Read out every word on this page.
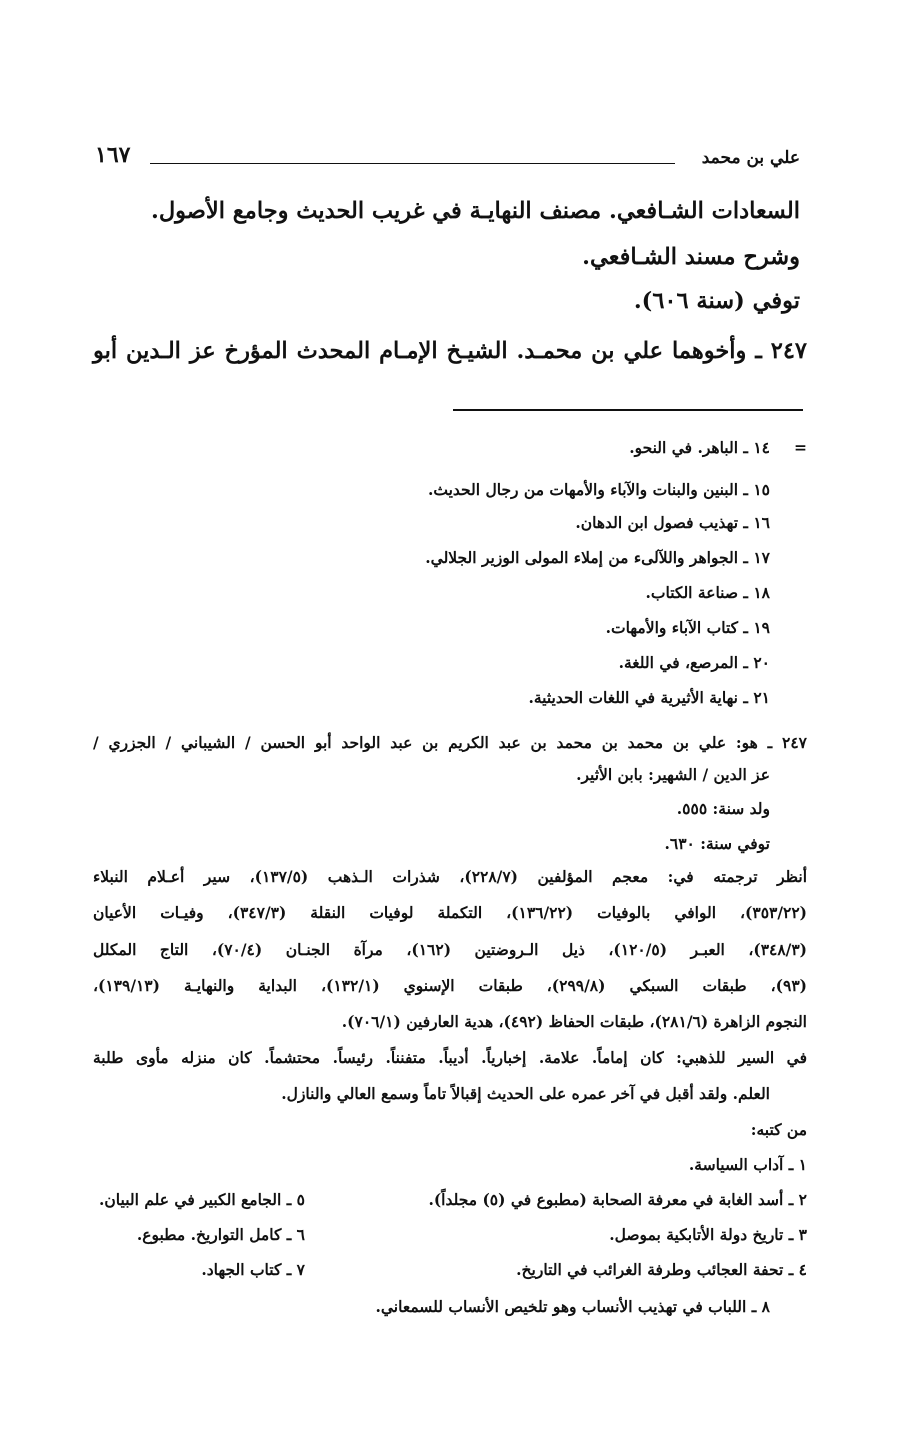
علي بن محمد
١٦٧
السعادات الشـافعي. مصنف النهايـة في غريب الحديث وجامع الأصول.
وشرح مسند الشـافعي.
توفي (سنة ٦٠٦).
٢٤٧ ـ وأخوهما علي بن محمـد. الشيـخ الإمـام المحدث المؤرخ عز الـدين أبو
=
١٤ ـ الباهر. في النحو.
١٥ ـ البنين والبنات والآباء والأمهات من رجال الحديث.
١٦ ـ تهذيب فصول ابن الدهان.
١٧ ـ الجواهر واللآلىء من إملاء المولى الوزير الجلالي.
١٨ ـ صناعة الكتاب.
١٩ ـ كتاب الآباء والأمهات.
٢٠ ـ المرصع، في اللغة.
٢١ ـ نهاية الأثيرية في اللغات الحديثية.
٢٤٧ ـ هو: علي بن محمد بن محمد بن عبد الكريم بن عبد الواحد أبو الحسن / الشيباني / الجزري /
عز الدين / الشهير: بابن الأثير.
ولد سنة: ٥٥٥.
توفي سنة: ٦٣٠.
أنظر ترجمته في: معجم المؤلفين (٢٢٨/٧)، شذرات الـذهب (١٣٧/٥)، سير أعـلام النبلاء
(٣٥٣/٢٢)، الوافي بالوفيات (١٣٦/٢٢)، التكملة لوفيات النقلة (٣٤٧/٣)، وفيـات الأعيان
(٣٤٨/٣)، العبـر (١٢٠/٥)، ذيل الـروضتين (١٦٢)، مرآة الجنـان (٧٠/٤)، التاج المكلل
(٩٣)، طبقات السبكي (٢٩٩/٨)، طبقات الإسنوي (١٣٢/١)، البداية والنهايـة (١٣٩/١٣)،
النجوم الزاهرة (٢٨١/٦)، طبقات الحفاظ (٤٩٢)، هدية العارفين (٧٠٦/١).
في السير للذهبي: كان إماماً. علامة. إخبارياً. أديباً. متفنناً. رئيساً. محتشماً. كان منزله مأوى طلبة
العلم. ولقد أقبل في آخر عمره على الحديث إقبالاً تاماً وسمع العالي والنازل.
من كتبه:
١ ـ آداب السياسة.
٢ ـ أسد الغابة في معرفة الصحابة (مطبوع في (٥) مجلداً).
٣ ـ تاريخ دولة الأتابكية بموصل.
٤ ـ تحفة العجائب وطرفة الغرائب في التاريخ.
٥ ـ الجامع الكبير في علم البيان.
٦ ـ كامل التواريخ. مطبوع.
٧ ـ كتاب الجهاد.
٨ ـ اللباب في تهذيب الأنساب وهو تلخيص الأنساب للسمعاني.
